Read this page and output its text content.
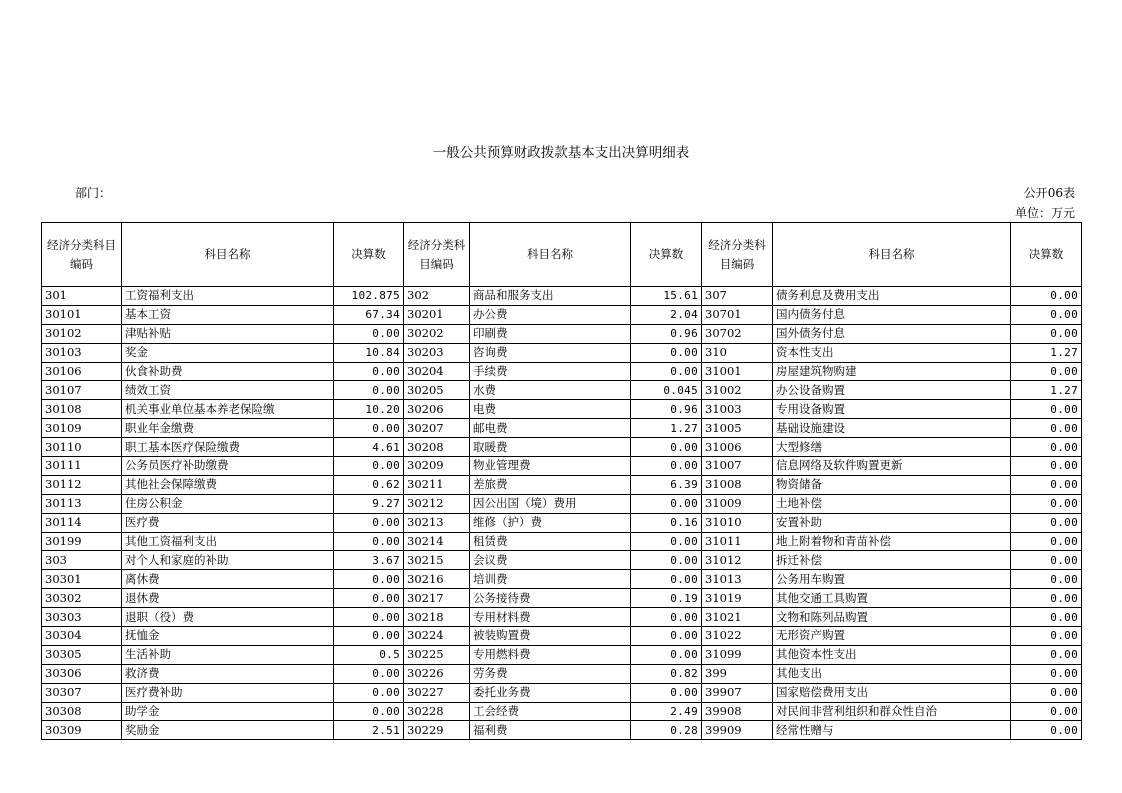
一般公共预算财政拨款基本支出决算明细表
部门：	公开06表
单位：万元
经济分类科目编码	科目名称	决算数	经济分类科目编码	科目名称	决算数	经济分类科目编码	科目名称	决算数
301	工资福利支出	102.875	302	商品和服务支出	15.61	307	债务利息及费用支出	0.00
30101	基本工资	67.34	30201	办公费	2.04	30701	国内债务付息	0.00
30102	津贴补贴	0.00	30202	印刷费	0.96	30702	国外债务付息	0.00
30103	奖金	10.84	30203	咨询费	0.00	310	资本性支出	1.27
30106	伙食补助费	0.00	30204	手续费	0.00	31001	房屋建筑物购建	0.00
30107	绩效工资	0.00	30205	水费	0.045	31002	办公设备购置	1.27
30108	机关事业单位基本养老保险缴	10.20	30206	电费	0.96	31003	专用设备购置	0.00
30109	职业年金缴费	0.00	30207	邮电费	1.27	31005	基础设施建设	0.00
30110	职工基本医疗保险缴费	4.61	30208	取暖费	0.00	31006	大型修缮	0.00
30111	公务员医疗补助缴费	0.00	30209	物业管理费	0.00	31007	信息网络及软件购置更新	0.00
30112	其他社会保障缴费	0.62	30211	差旅费	6.39	31008	物资储备	0.00
30113	住房公积金	9.27	30212	因公出国（境）费用	0.00	31009	土地补偿	0.00
30114	医疗费	0.00	30213	维修（护）费	0.16	31010	安置补助	0.00
30199	其他工资福利支出	0.00	30214	租赁费	0.00	31011	地上附着物和青苗补偿	0.00
303	对个人和家庭的补助	3.67	30215	会议费	0.00	31012	拆迁补偿	0.00
30301	离休费	0.00	30216	培训费	0.00	31013	公务用车购置	0.00
30302	退休费	0.00	30217	公务接待费	0.19	31019	其他交通工具购置	0.00
30303	退职（役）费	0.00	30218	专用材料费	0.00	31021	文物和陈列品购置	0.00
30304	抚恤金	0.00	30224	被装购置费	0.00	31022	无形资产购置	0.00
30305	生活补助	0.5	30225	专用燃料费	0.00	31099	其他资本性支出	0.00
30306	救济费	0.00	30226	劳务费	0.82	399	其他支出	0.00
30307	医疗费补助	0.00	30227	委托业务费	0.00	39907	国家赔偿费用支出	0.00
30308	助学金	0.00	30228	工会经费	2.49	39908	对民间非营利组织和群众性自治	0.00
30309	奖励金	2.51	30229	福利费	0.28	39909	经常性赠与	0.00
